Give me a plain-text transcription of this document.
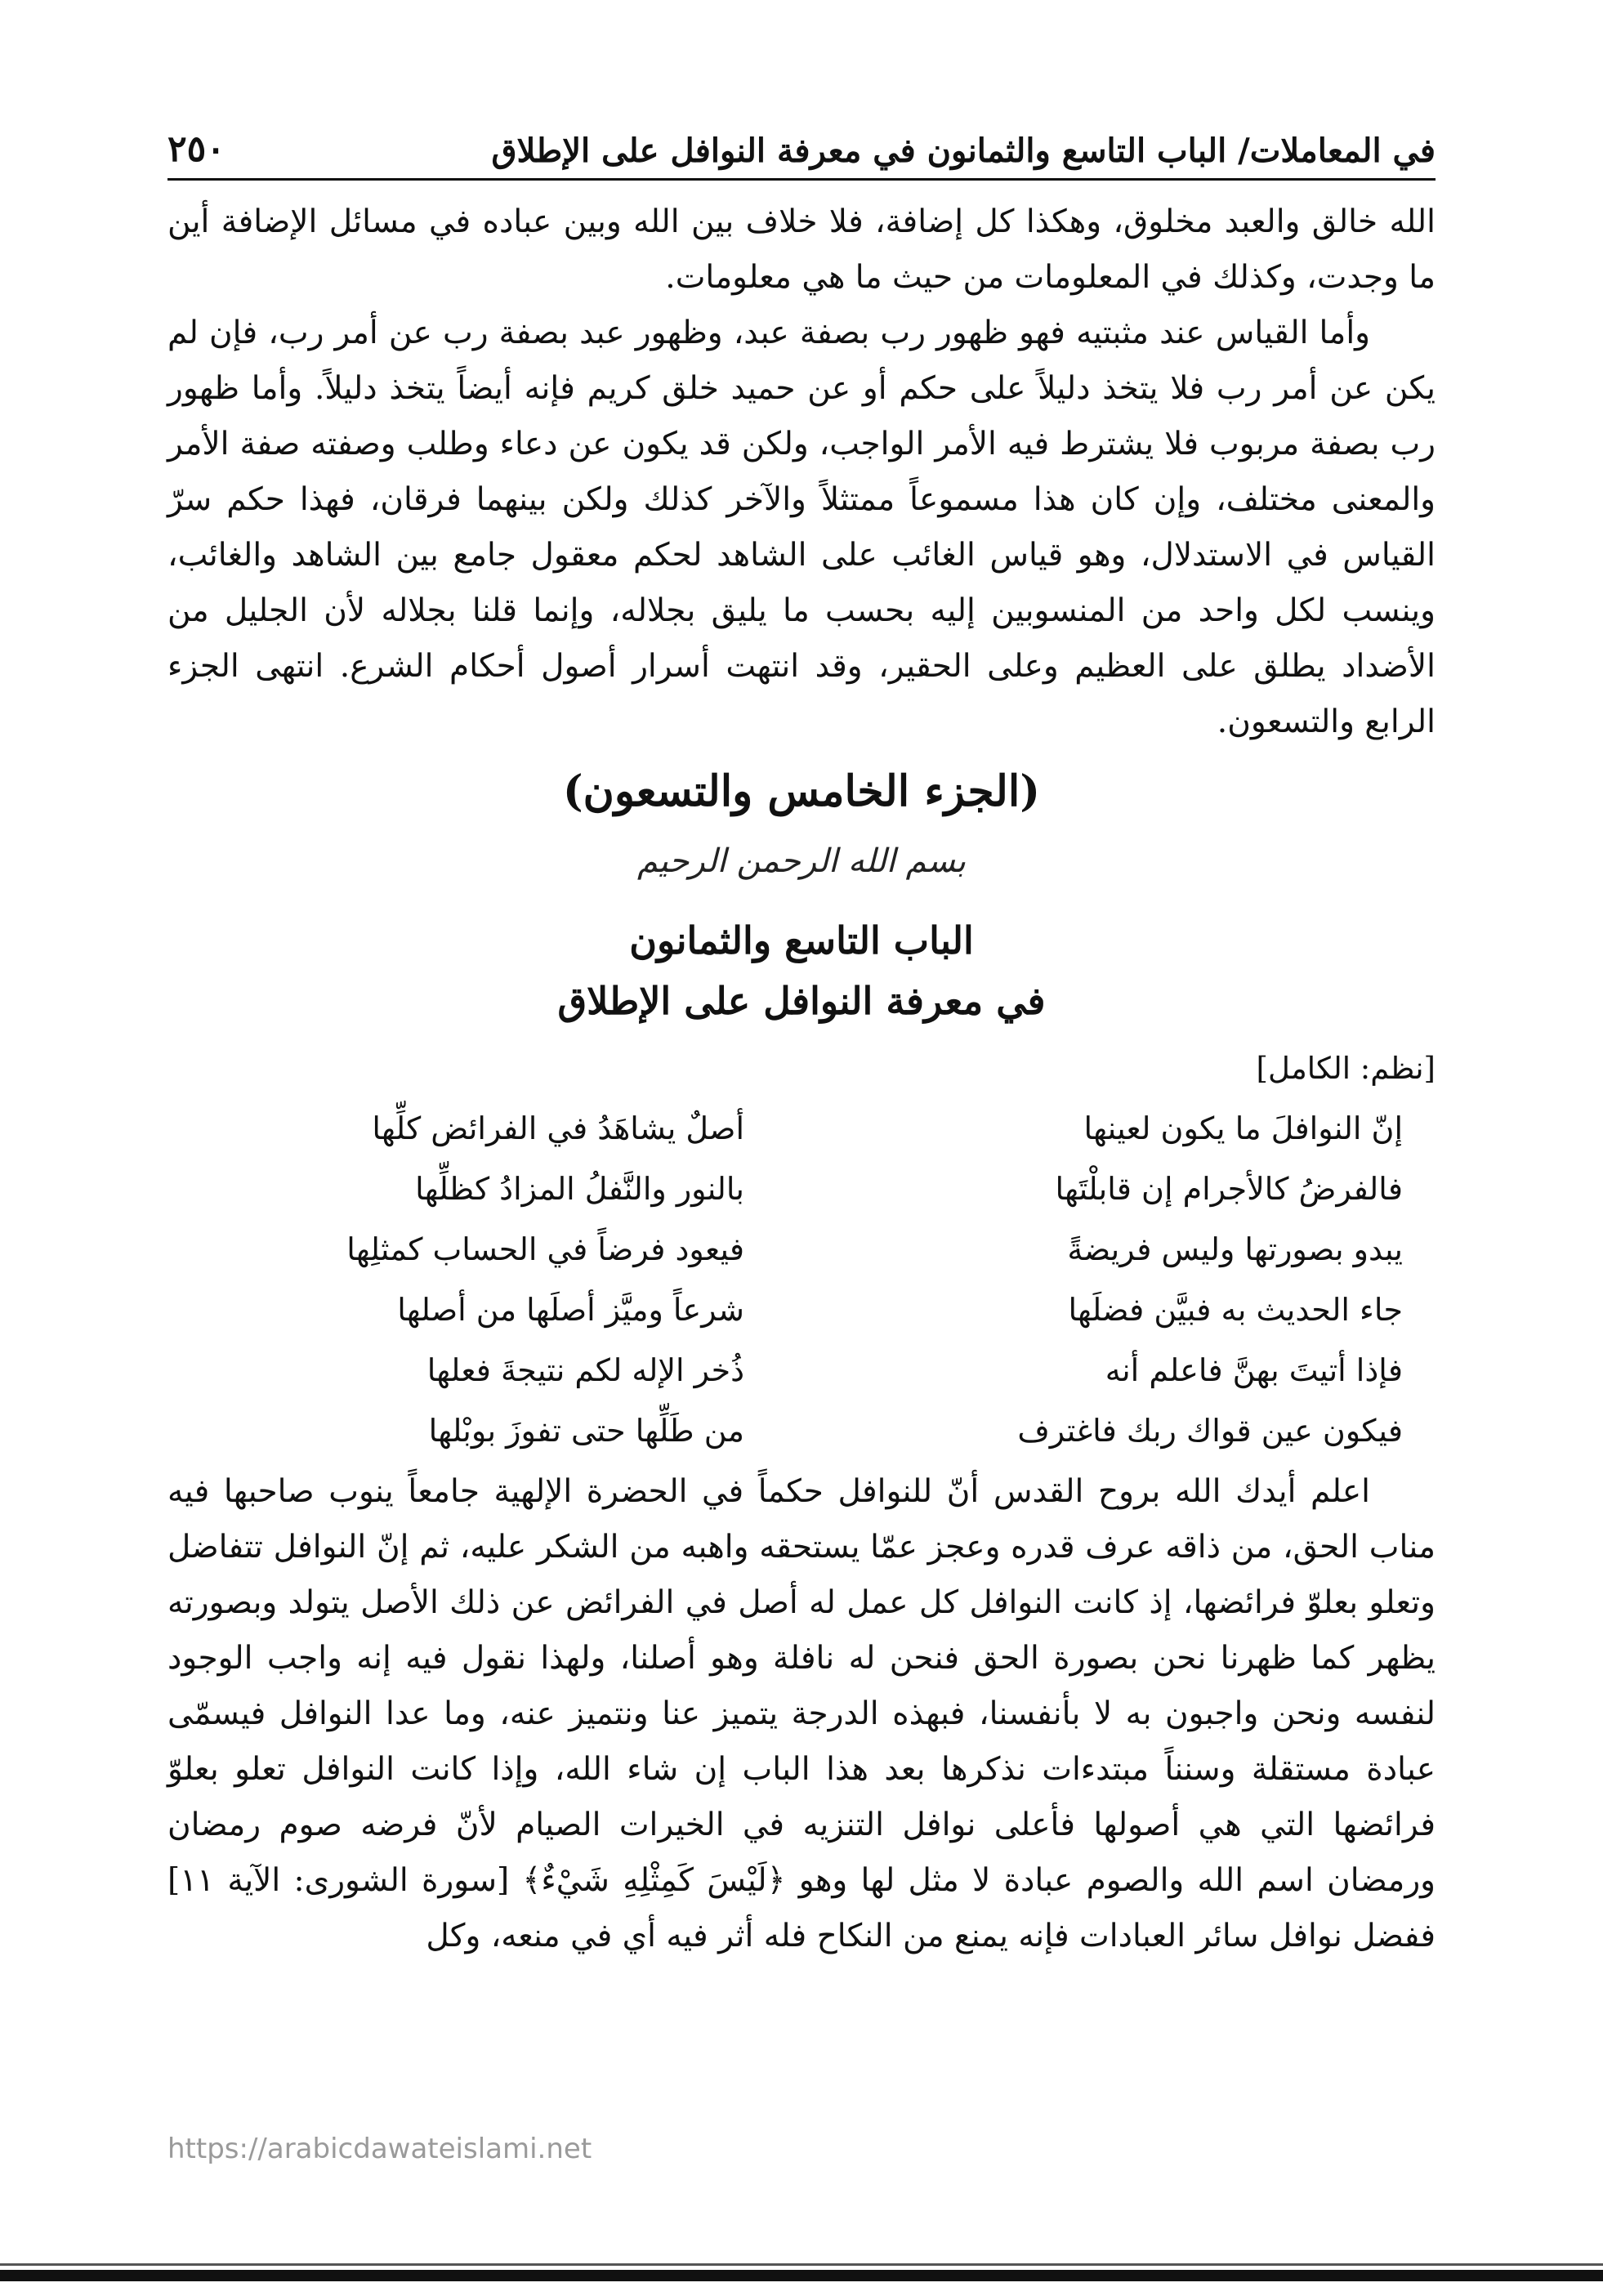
في المعاملات/ الباب التاسع والثمانون في معرفة النوافل على الإطلاق
٢٥٠

الله خالق والعبد مخلوق، وهكذا كل إضافة، فلا خلاف بين الله وبين عباده في مسائل الإضافة أين ما وجدت، وكذلك في المعلومات من حيث ما هي معلومات.

وأما القياس عند مثبتيه فهو ظهور رب بصفة عبد، وظهور عبد بصفة رب عن أمر رب، فإن لم يكن عن أمر رب فلا يتخذ دليلاً على حكم أو عن حميد خلق كريم فإنه أيضاً يتخذ دليلاً. وأما ظهور رب بصفة مربوب فلا يشترط فيه الأمر الواجب، ولكن قد يكون عن دعاء وطلب وصفته صفة الأمر والمعنى مختلف، وإن كان هذا مسموعاً ممتثلاً والآخر كذلك ولكن بينهما فرقان، فهذا حكم سرّ القياس في الاستدلال، وهو قياس الغائب على الشاهد لحكم معقول جامع بين الشاهد والغائب، وينسب لكل واحد من المنسوبين إليه بحسب ما يليق بجلاله، وإنما قلنا بجلاله لأن الجليل من الأضداد يطلق على العظيم وعلى الحقير، وقد انتهت أسرار أصول أحكام الشرع. انتهى الجزء الرابع والتسعون.

(الجزء الخامس والتسعون)
بسم الله الرحمن الرحيم
الباب التاسع والثمانون
في معرفة النوافل على الإطلاق
[نظم: الكامل]
إنّ النوافلَ ما يكون لعينها	أصلٌ يشاهَدُ في الفرائض كلِّها
فالفرضُ كالأجرام إن قابلْتَها	بالنور والنَّفلُ المزادُ كظلِّها
يبدو بصورتها وليس فريضةً	فيعود فرضاً في الحساب كمثلِها
جاء الحديث به فبيَّن فضلَها	شرعاً وميَّز أصلَها من أصلها
فإذا أتيتَ بهنَّ فاعلم أنه	ذُخر الإله لكم نتيجةَ فعلها
فيكون عين قواك ربك فاغترف	من طَلِّها حتى تفوزَ بوبْلها

اعلم أيدك الله بروح القدس أنّ للنوافل حكماً في الحضرة الإلهية جامعاً ينوب صاحبها فيه مناب الحق، من ذاقه عرف قدره وعجز عمّا يستحقه واهبه من الشكر عليه، ثم إنّ النوافل تتفاضل وتعلو بعلوّ فرائضها، إذ كانت النوافل كل عمل له أصل في الفرائض عن ذلك الأصل يتولد وبصورته يظهر كما ظهرنا نحن بصورة الحق فنحن له نافلة وهو أصلنا، ولهذا نقول فيه إنه واجب الوجود لنفسه ونحن واجبون به لا بأنفسنا، فبهذه الدرجة يتميز عنا ونتميز عنه، وما عدا النوافل فيسمّى عبادة مستقلة وسنناً مبتدءات نذكرها بعد هذا الباب إن شاء الله، وإذا كانت النوافل تعلو بعلوّ فرائضها التي هي أصولها فأعلى نوافل التنزيه في الخيرات الصيام لأنّ فرضه صوم رمضان ورمضان اسم الله والصوم عبادة لا مثل لها وهو ﴿لَيْسَ كَمِثْلِهِ شَيْءٌ﴾ [سورة الشورى: الآية ١١] ففضل نوافل سائر العبادات فإنه يمنع من النكاح فله أثر فيه أي في منعه، وكل

https://arabicdawateislami.net
